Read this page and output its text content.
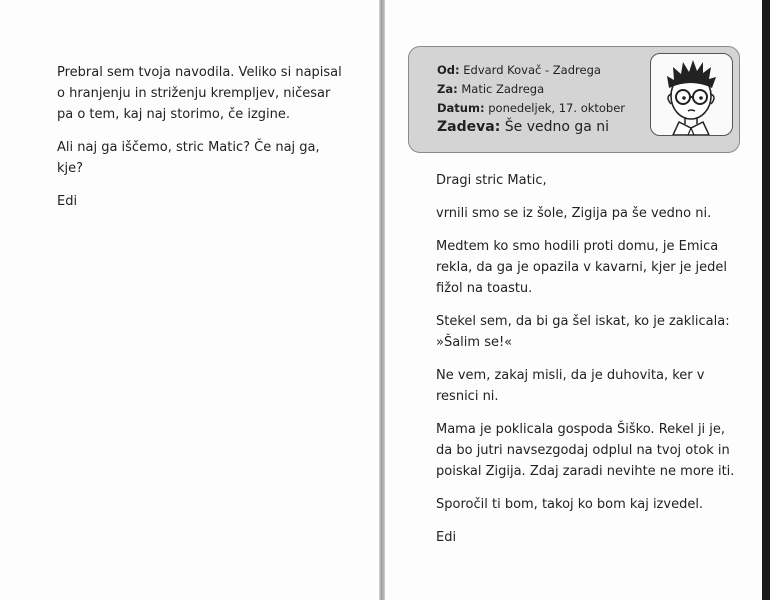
Prebral sem tvoja navodila. Veliko si napisal o hranjenju in striženju krempljev, ničesar pa o tem, kaj naj storimo, če izgine.

Ali naj ga iščemo, stric Matic? Če naj ga, kje?

Edi

Od: Edvard Kovač - Zadrega
Za: Matic Zadrega
Datum: ponedeljek, 17. oktober
Zadeva: Še vedno ga ni

Dragi stric Matic,

vrnili smo se iz šole, Zigija pa še vedno ni.

Medtem ko smo hodili proti domu, je Emica rekla, da ga je opazila v kavarni, kjer je jedel fižol na toastu.

Stekel sem, da bi ga šel iskat, ko je zaklicala: »Šalim se!«

Ne vem, zakaj misli, da je duhovita, ker v resnici ni.

Mama je poklicala gospoda Šiško. Rekel ji je, da bo jutri navsezgodaj odplul na tvoj otok in poiskal Zigija. Zdaj zaradi nevihte ne more iti.

Sporočil ti bom, takoj ko bom kaj izvedel.

Edi
